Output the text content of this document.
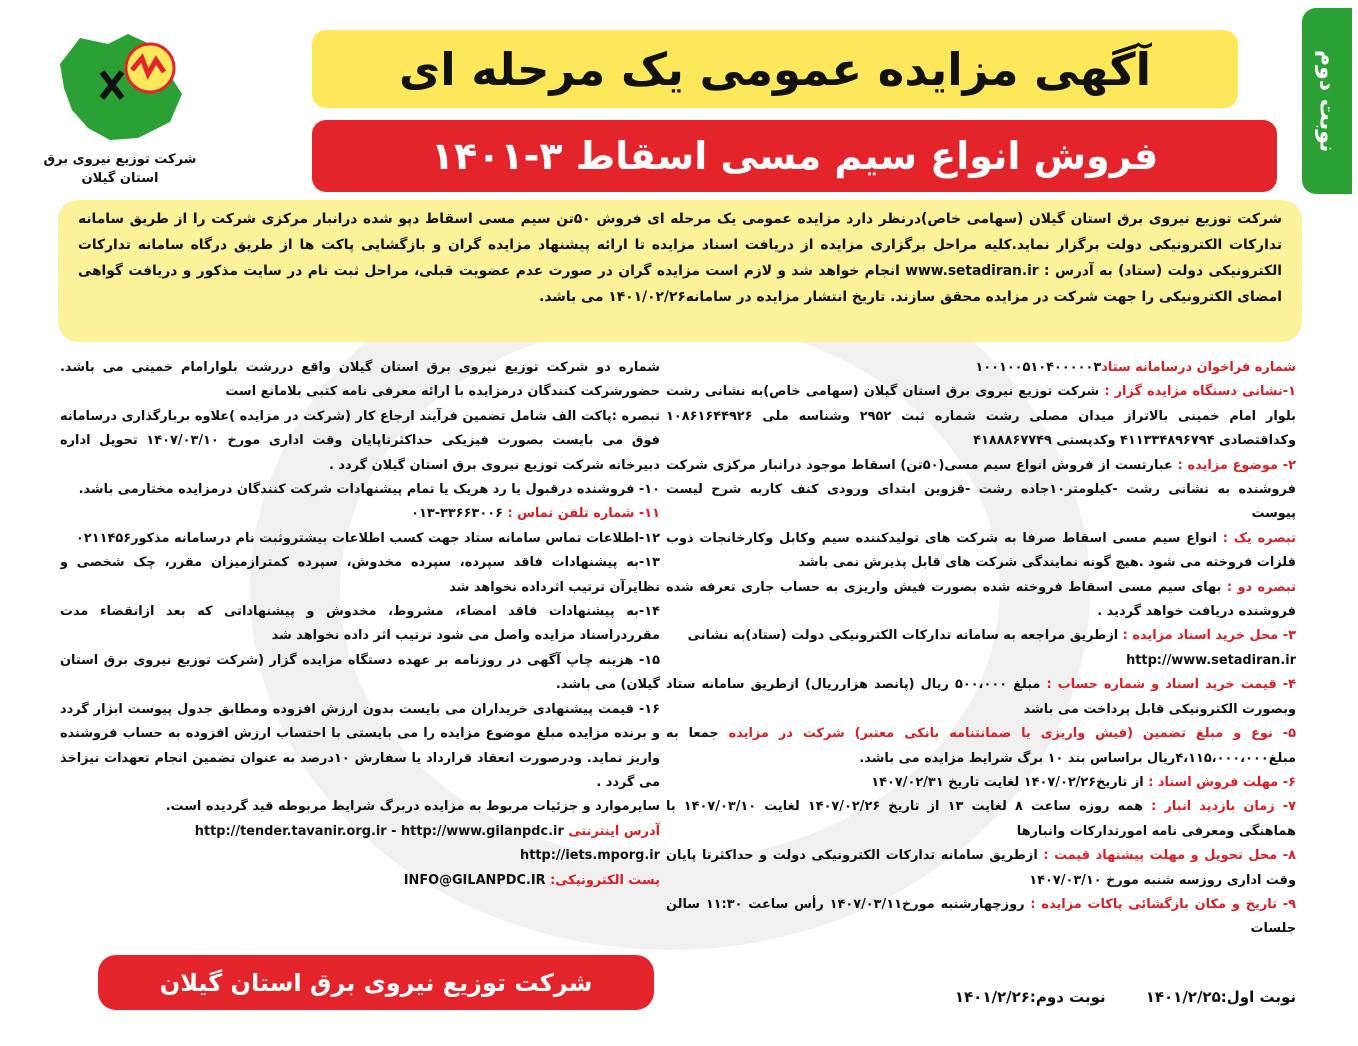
نوبت دوم
شرکت توزیع نیروی برق
استان گیلان
آگهی مزایده عمومی یک مرحله ای
فروش انواع سیم مسی اسقاط ۳-۱۴۰۱
شرکت توزیع نیروی برق استان گیلان (سهامی خاص)درنظر دارد مزایده عمومی یک مرحله ای فروش ۵۰تن سیم مسی اسقاط دپو شده درانبار مرکزی شرکت را از طریق سامانه تدارکات الکترونیکی دولت برگزار نماید.کلیه مراحل برگزاری مزایده از دریافت اسناد مزایده تا ارائه پیشنهاد مزایده گران و بازگشایی پاکت ها از طریق درگاه سامانه تدارکات الکترونیکی دولت (ستاد) به آدرس : www.setadiran.ir انجام خواهد شد و لازم است مزایده گران در صورت عدم عضویت قبلی، مراحل ثبت نام در سایت مذکور و دریافت گواهی امضای الکترونیکی را جهت شرکت در مزایده محقق سازند. تاریخ انتشار مزایده در سامانه۱۴۰۱/۰۲/۲۶ می باشد.

شماره فراخوان درسامانه ستاد۱۰۰۱۰۰۵۱۰۴۰۰۰۰۰۳

۱-نشانی دستگاه مزایده گزار : شرکت توزیع نیروی برق استان گیلان (سهامی خاص)به نشانی رشت بلوار امام خمینی بالاتراز میدان مصلی رشت شماره ثبت ۲۹۵۲ وشناسه ملی ۱۰۸۶۱۶۴۴۹۲۶ وکداقتصادی ۴۱۱۳۳۴۸۹۶۷۹۴ وکدپستی ۴۱۸۸۸۶۷۷۴۹

۲- موضوع مزایده : عبارتست از فروش انواع سیم مسی(۵۰تن) اسقاط موجود درانبار مرکزی شرکت فروشنده به نشانی رشت -کیلومتر۱۰جاده رشت -قزوین ابتدای ورودی کنف کاربه شرح لیست پیوست

تبصره یک : انواع سیم مسی اسقاط صرفا به شرکت های تولیدکننده سیم وکابل وکارخانجات ذوب فلزات فروخته می شود .هیچ گونه نمایندگی شرکت های قابل پذیرش نمی باشد

تبصره دو : بهای سیم مسی اسقاط فروخته شده بصورت فیش واریزی به حساب جاری تعرفه شده فروشنده دریافت خواهد گردید .

۳- محل خرید اسناد مزایده : ازطریق مراجعه به سامانه تدارکات الکترونیکی دولت (ستاد)به نشانی

http://www.setadiran.ir

۴- قیمت خرید اسناد و شماره حساب : مبلغ ۵۰۰،۰۰۰ ریال (پانصد هزارریال) ازطریق سامانه ستاد وبصورت الکترونیکی قابل پرداخت می باشد

۵- نوع و مبلغ تضمین (فیش واریزی یا ضمانتنامه بانکی معتبر) شرکت در مزایده جمعا به مبلغ۴،۱۱۵،۰۰۰،۰۰۰ریال براساس بند ۱۰ برگ شرایط مزایده می باشد.

۶- مهلت فروش اسناد : از تاریخ۱۴۰۷/۰۲/۲۶ لغایت تاریخ ۱۴۰۷/۰۲/۳۱

۷- زمان بازدید انبار : همه روزه ساعت ۸ لغایت ۱۳ از تاریخ ۱۴۰۷/۰۲/۲۶ لغایت ۱۴۰۷/۰۳/۱۰ با هماهنگی ومعرفی نامه امورتدارکات وانبارها

۸- محل تحویل و مهلت پیشنهاد قیمت : ازطریق سامانه تدارکات الکترونیکی دولت و حداکثرتا پایان وقت اداری روزسه شنبه مورخ ۱۴۰۷/۰۳/۱۰

۹- تاریخ و مکان بازگشائی پاکات مزایده : روزچهارشنبه مورخ۱۴۰۷/۰۳/۱۱ رأس ساعت ۱۱:۳۰ سالن جلسات

شماره دو شرکت توزیع نیروی برق استان گیلان واقع دررشت بلوارامام خمینی می باشد. حضورشرکت کنندگان درمزایده با ارائه معرفی نامه کتبی بلامانع است

تبصره :پاکت الف شامل تضمین فرآیند ارجاع کار (شرکت در مزایده )علاوه بربارگذاری درسامانه فوق می بایست بصورت فیزیکی حداکثرتاپایان وقت اداری مورخ ۱۴۰۷/۰۳/۱۰ تحویل اداره دبیرخانه شرکت توزیع نیروی برق استان گیلان گردد .

۱۰- فروشنده درقبول یا رد هریک یا تمام پیشنهادات شرکت کنندگان درمزایده مختارمی باشد.

۱۱- شماره تلفن تماس : ۳۳۶۶۳۰۰۶-۰۱۳

۱۲-اطلاعات تماس سامانه ستاد جهت کسب اطلاعات بیشتروثبت نام درسامانه مذکور۰۲۱۱۴۵۶

۱۳-به پیشنهادات فاقد سپرده، سپرده مخدوش، سپرده کمترازمیزان مقرر، چک شخصی و نظایرآن ترتیب اثرداده نخواهد شد

۱۴-به پیشنهادات فاقد امضاء، مشروط، مخدوش و پیشنهاداتی که بعد ازانقضاء مدت مقرردراسناد مزایده واصل می شود ترتیب اثر داده نخواهد شد

۱۵- هزینه چاپ آگهی در روزنامه بر عهده دستگاه مزایده گزار (شرکت توزیع نیروی برق استان گیلان) می باشد.

۱۶- قیمت پیشنهادی خریداران می بایست بدون ارزش افزوده ومطابق جدول پیوست ابزار گردد و برنده مزایده مبلغ موضوع مزایده را می بایستی با احتساب ارزش افزوده به حساب فروشنده واریز نماید. ودرصورت انعقاد قرارداد یا سفارش ۱۰درصد به عنوان تضمین انجام تعهدات نیزاخذ می گردد .

سایرموارد و جزئیات مربوط به مزایده دربرگ شرایط مربوطه قید گردیده است.

آدرس اینترنتی http://tender.tavanir.org.ir - http://www.gilanpdc.ir

http://iets.mporg.ir

پست الکترونیکی: INFO@GILANPDC.IR

شرکت توزیع نیروی برق استان گیلان
نوبت اول:۱۴۰۱/۲/۲۵
نوبت دوم:۱۴۰۱/۲/۲۶
